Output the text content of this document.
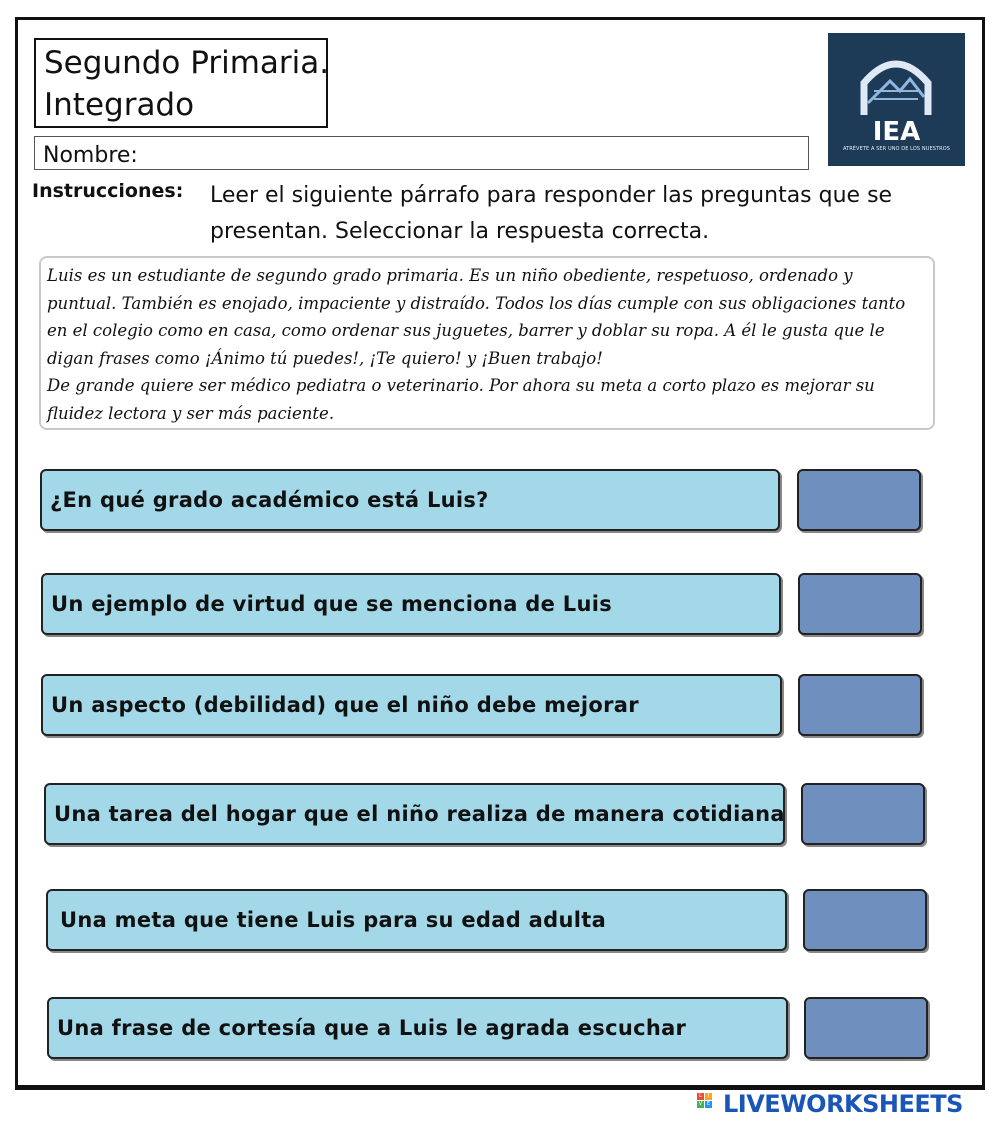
Segundo Primaria.
Integrado
IEA
ATRÉVETE A SER UNO DE LOS NUESTROS
Nombre:
Instrucciones: Leer el siguiente párrafo para responder las preguntas que se presentan. Seleccionar la respuesta correcta.

Luis es un estudiante de segundo grado primaria. Es un niño obediente, respetuoso, ordenado y puntual. También es enojado, impaciente y distraído. Todos los días cumple con sus obligaciones tanto en el colegio como en casa, como ordenar sus juguetes, barrer y doblar su ropa. A él le gusta que le digan frases como ¡Ánimo tú puedes!, ¡Te quiero! y ¡Buen trabajo!

De grande quiere ser médico pediatra o veterinario. Por ahora su meta a corto plazo es mejorar su fluidez lectora y ser más paciente.

¿En qué grado académico está Luis?
Un ejemplo de virtud que se menciona de Luis
Un aspecto (debilidad) que el niño debe mejorar
Una tarea del hogar que el niño realiza de manera cotidiana
Una meta que tiene Luis para su edad adulta
Una frase de cortesía que a Luis le agrada escuchar
L	I
V E LIVEWORKSHEETS
